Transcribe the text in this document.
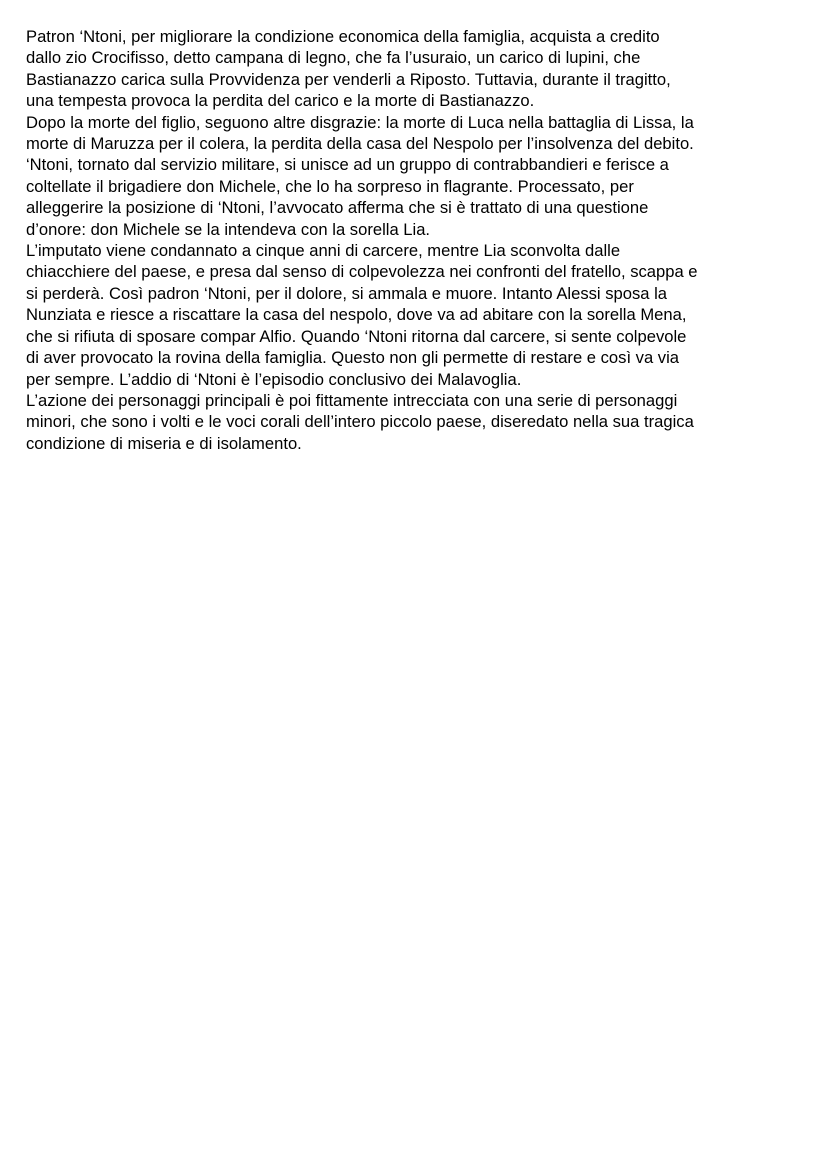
Patron ‘Ntoni, per migliorare la condizione economica della famiglia, acquista a credito
dallo zio Crocifisso, detto campana di legno, che fa l’usuraio, un carico di lupini, che
Bastianazzo carica sulla Provvidenza per venderli a Riposto. Tuttavia, durante il tragitto,
una tempesta provoca la perdita del carico e la morte di Bastianazzo.
Dopo la morte del figlio, seguono altre disgrazie: la morte di Luca nella battaglia di Lissa, la
morte di Maruzza per il colera, la perdita della casa del Nespolo per l’insolvenza del debito.
‘Ntoni, tornato dal servizio militare, si unisce ad un gruppo di contrabbandieri e ferisce a
coltellate il brigadiere don Michele, che lo ha sorpreso in flagrante. Processato, per
alleggerire la posizione di ‘Ntoni, l’avvocato afferma che si è trattato di una questione
d’onore: don Michele se la intendeva con la sorella Lia.
L’imputato viene condannato a cinque anni di carcere, mentre Lia sconvolta dalle
chiacchiere del paese, e presa dal senso di colpevolezza nei confronti del fratello, scappa e
si perderà. Così padron ‘Ntoni, per il dolore, si ammala e muore. Intanto Alessi sposa la
Nunziata e riesce a riscattare la casa del nespolo, dove va ad abitare con la sorella Mena,
che si rifiuta di sposare compar Alfio. Quando ‘Ntoni ritorna dal carcere, si sente colpevole
di aver provocato la rovina della famiglia. Questo non gli permette di restare e così va via
per sempre. L’addio di ‘Ntoni è l’episodio conclusivo dei Malavoglia.
L’azione dei personaggi principali è poi fittamente intrecciata con una serie di personaggi
minori, che sono i volti e le voci corali dell’intero piccolo paese, diseredato nella sua tragica
condizione di miseria e di isolamento.
